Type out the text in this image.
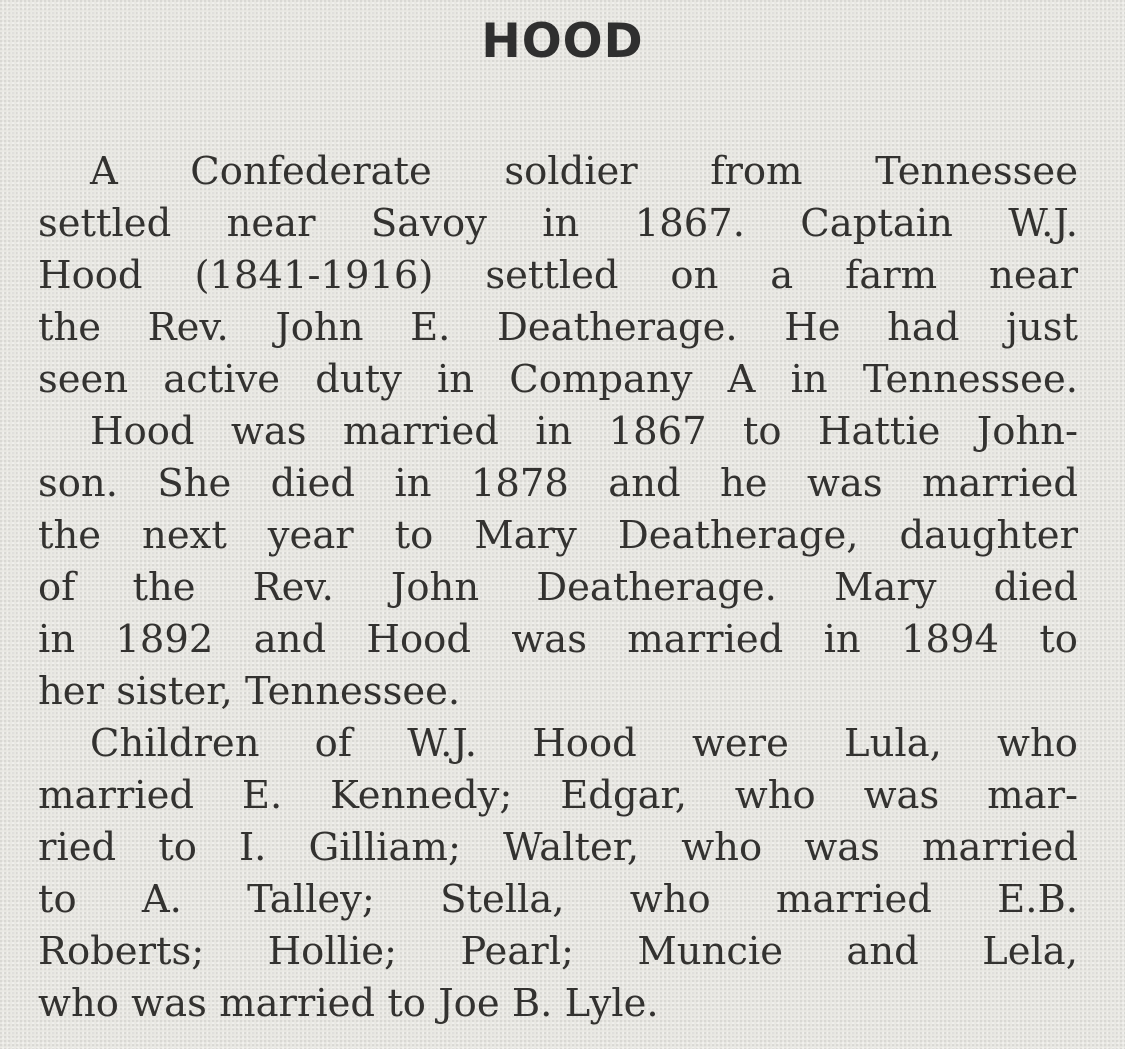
HOOD
A Confederate soldier from Tennessee
settled near Savoy in 1867. Captain W.J.
Hood (1841-1916) settled on a farm near
the Rev. John E. Deatherage. He had just
seen active duty in Company A in Tennessee.
Hood was married in 1867 to Hattie John-
son. She died in 1878 and he was married
the next year to Mary Deatherage, daughter
of the Rev. John Deatherage. Mary died
in 1892 and Hood was married in 1894 to
her sister, Tennessee.
Children of W.J. Hood were Lula, who
married E. Kennedy; Edgar, who was mar-
ried to I. Gilliam; Walter, who was married
to A. Talley; Stella, who married E.B.
Roberts; Hollie; Pearl; Muncie and Lela,
who was married to Joe B. Lyle.
